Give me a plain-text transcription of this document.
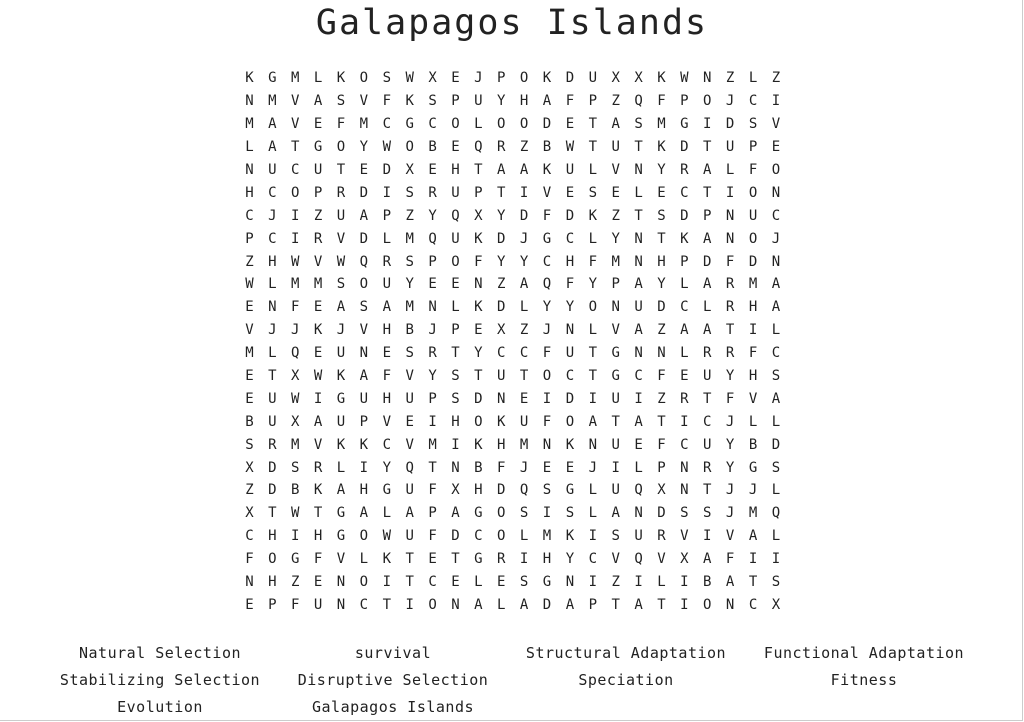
Galapagos Islands
K	G	M	L	K	O	S	W	X	E	J	P	O	K	D	U	X	X	K	W	N	Z	L	Z
N	M	V	A	S	V	F	K	S	P	U	Y	H	A	F	P	Z	Q	F	P	O	J	C	I
M	A	V	E	F	M	C	G	C	O	L	O	O	D	E	T	A	S	M	G	I	D	S	V
L	A	T	G	O	Y	W	O	B	E	Q	R	Z	B	W	T	U	T	K	D	T	U	P	E
N	U	C	U	T	E	D	X	E	H	T	A	A	K	U	L	V	N	Y	R	A	L	F	O
H	C	O	P	R	D	I	S	R	U	P	T	I	V	E	S	E	L	E	C	T	I	O	N
C	J	I	Z	U	A	P	Z	Y	Q	X	Y	D	F	D	K	Z	T	S	D	P	N	U	C
P	C	I	R	V	D	L	M	Q	U	K	D	J	G	C	L	Y	N	T	K	A	N	O	J
Z	H	W	V	W	Q	R	S	P	O	F	Y	Y	C	H	F	M	N	H	P	D	F	D	N
W	L	M	M	S	O	U	Y	E	E	N	Z	A	Q	F	Y	P	A	Y	L	A	R	M	A
E	N	F	E	A	S	A	M	N	L	K	D	L	Y	Y	O	N	U	D	C	L	R	H	A
V	J	J	K	J	V	H	B	J	P	E	X	Z	J	N	L	V	A	Z	A	A	T	I	L
M	L	Q	E	U	N	E	S	R	T	Y	C	C	F	U	T	G	N	N	L	R	R	F	C
E	T	X	W	K	A	F	V	Y	S	T	U	T	O	C	T	G	C	F	E	U	Y	H	S
E	U	W	I	G	U	H	U	P	S	D	N	E	I	D	I	U	I	Z	R	T	F	V	A
B	U	X	A	U	P	V	E	I	H	O	K	U	F	O	A	T	A	T	I	C	J	L	L
S	R	M	V	K	K	C	V	M	I	K	H	M	N	K	N	U	E	F	C	U	Y	B	D
X	D	S	R	L	I	Y	Q	T	N	B	F	J	E	E	J	I	L	P	N	R	Y	G	S
Z	D	B	K	A	H	G	U	F	X	H	D	Q	S	G	L	U	Q	X	N	T	J	J	L
X	T	W	T	G	A	L	A	P	A	G	O	S	I	S	L	A	N	D	S	S	J	M	Q
C	H	I	H	G	O	W	U	F	D	C	O	L	M	K	I	S	U	R	V	I	V	A	L
F	O	G	F	V	L	K	T	E	T	G	R	I	H	Y	C	V	Q	V	X	A	F	I	I
N	H	Z	E	N	O	I	T	C	E	L	E	S	G	N	I	Z	I	L	I	B	A	T	S
E	P	F	U	N	C	T	I	O	N	A	L	A	D	A	P	T	A	T	I	O	N	C	X
Natural Selection	survival	Structural Adaptation	Functional Adaptation
Stabilizing Selection	Disruptive Selection	Speciation	Fitness
Evolution	Galapagos Islands
